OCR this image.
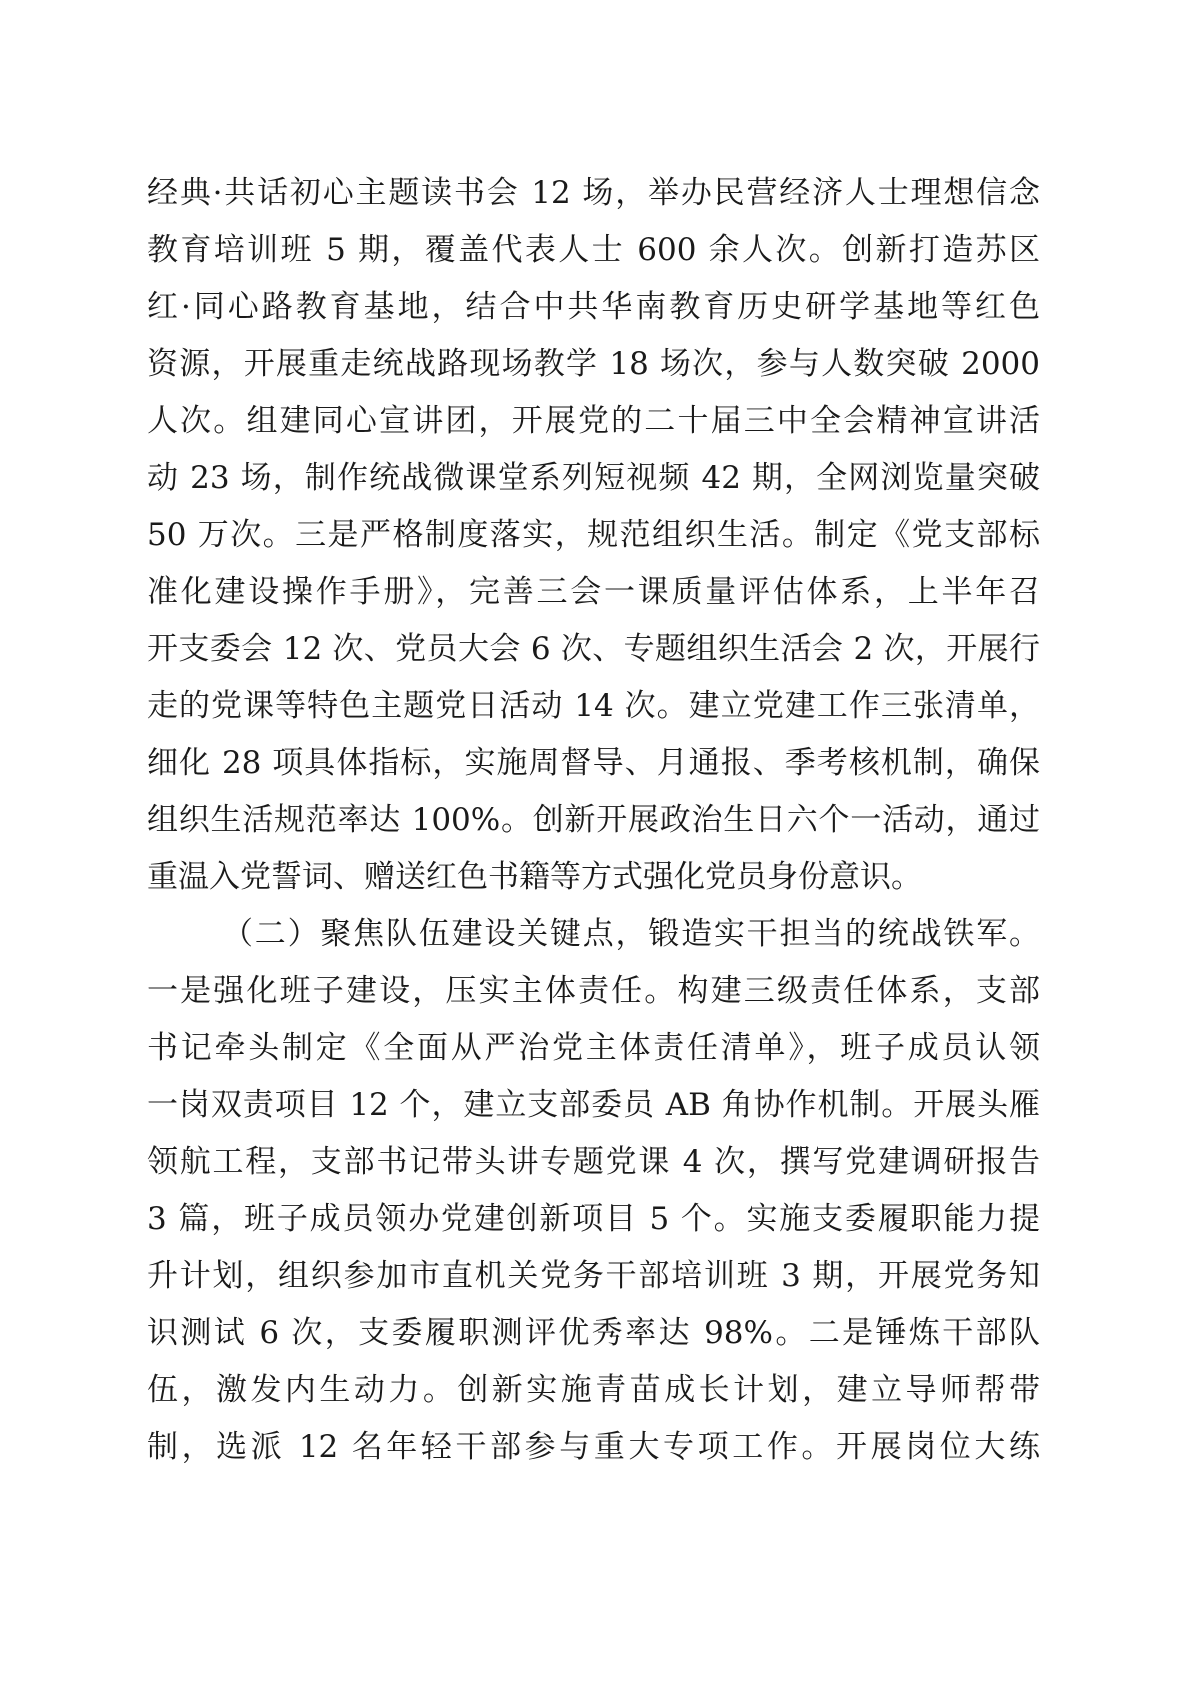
经典·共话初心主题读书会 12 场，举办民营经济人士理想信念
教育培训班 5 期，覆盖代表人士 600 余人次。创新打造苏区
红·同心路教育基地，结合中共华南教育历史研学基地等红色
资源，开展重走统战路现场教学 18 场次，参与人数突破 2000
人次。组建同心宣讲团，开展党的二十届三中全会精神宣讲活
动 23 场，制作统战微课堂系列短视频 42 期，全网浏览量突破
50 万次。三是严格制度落实，规范组织生活。制定《党支部标
准化建设操作手册》，完善三会一课质量评估体系，上半年召
开支委会 12 次、党员大会 6 次、专题组织生活会 2 次，开展行
走的党课等特色主题党日活动 14 次。建立党建工作三张清单，
细化 28 项具体指标，实施周督导、月通报、季考核机制，确保
组织生活规范率达 100%。创新开展政治生日六个一活动，通过
重温入党誓词、赠送红色书籍等方式强化党员身份意识。
（二）聚焦队伍建设关键点，锻造实干担当的统战铁军。
一是强化班子建设，压实主体责任。构建三级责任体系，支部
书记牵头制定《全面从严治党主体责任清单》，班子成员认领
一岗双责项目 12 个，建立支部委员 AB 角协作机制。开展头雁
领航工程，支部书记带头讲专题党课 4 次，撰写党建调研报告
3 篇，班子成员领办党建创新项目 5 个。实施支委履职能力提
升计划，组织参加市直机关党务干部培训班 3 期，开展党务知
识测试 6 次，支委履职测评优秀率达 98%。二是锤炼干部队
伍，激发内生动力。创新实施青苗成长计划，建立导师帮带
制，选派 12 名年轻干部参与重大专项工作。开展岗位大练
